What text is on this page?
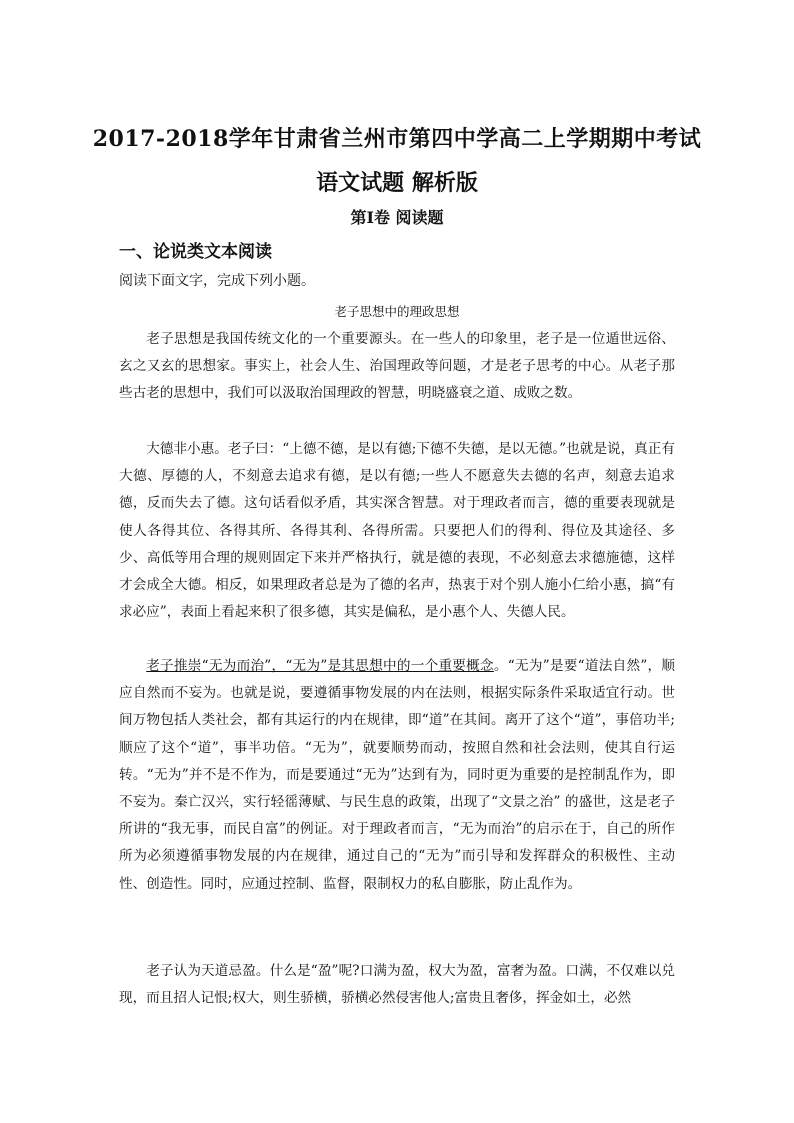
2017-2018学年甘肃省兰州市第四中学高二上学期期中考试
语文试题 解析版
第Ⅰ卷 阅读题
一、论说类文本阅读
阅读下面文字，完成下列小题。
老子思想中的理政思想

老子思想是我国传统文化的一个重要源头。在一些人的印象里，老子是一位遁世远俗、玄之又玄的思想家。事实上，社会人生、治国理政等问题，才是老子思考的中心。从老子那些古老的思想中，我们可以汲取治国理政的智慧，明晓盛衰之道、成败之数。

大德非小惠。老子曰：“上德不德，是以有德;下德不失德，是以无德。”也就是说，真正有大德、厚德的人，不刻意去追求有德，是以有德;一些人不愿意失去德的名声，刻意去追求德，反而失去了德。这句话看似矛盾，其实深含智慧。对于理政者而言，德的重要表现就是使人各得其位、各得其所、各得其利、各得所需。只要把人们的得利、得位及其途径、多少、高低等用合理的规则固定下来并严格执行，就是德的表现，不必刻意去求德施德，这样才会成全大德。相反，如果理政者总是为了德的名声，热衷于对个别人施小仁给小惠，搞“有求必应”，表面上看起来积了很多德，其实是偏私，是小惠个人、失德人民。

老子推崇“无为而治”，“无为”是其思想中的一个重要概念。“无为”是要“道法自然”，顺应自然而不妄为。也就是说，要遵循事物发展的内在法则，根据实际条件采取适宜行动。世间万物包括人类社会，都有其运行的内在规律，即“道”在其间。离开了这个“道”，事倍功半;顺应了这个“道”，事半功倍。“无为”，就要顺势而动，按照自然和社会法则，使其自行运转。“无为”并不是不作为，而是要通过“无为”达到有为，同时更为重要的是控制乱作为，即不妄为。秦亡汉兴，实行轻徭薄赋、与民生息的政策，出现了“文景之治” 的盛世，这是老子所讲的“我无事，而民自富”的例证。对于理政者而言，“无为而治”的启示在于，自己的所作所为必须遵循事物发展的内在规律，通过自己的“无为”而引导和发挥群众的积极性、主动性、创造性。同时，应通过控制、监督，限制权力的私自膨胀，防止乱作为。

老子认为天道忌盈。什么是“盈”呢?口满为盈，权大为盈，富奢为盈。口满，不仅难以兑现，而且招人记恨;权大，则生骄横，骄横必然侵害他人;富贵且奢侈，挥金如土，必然
